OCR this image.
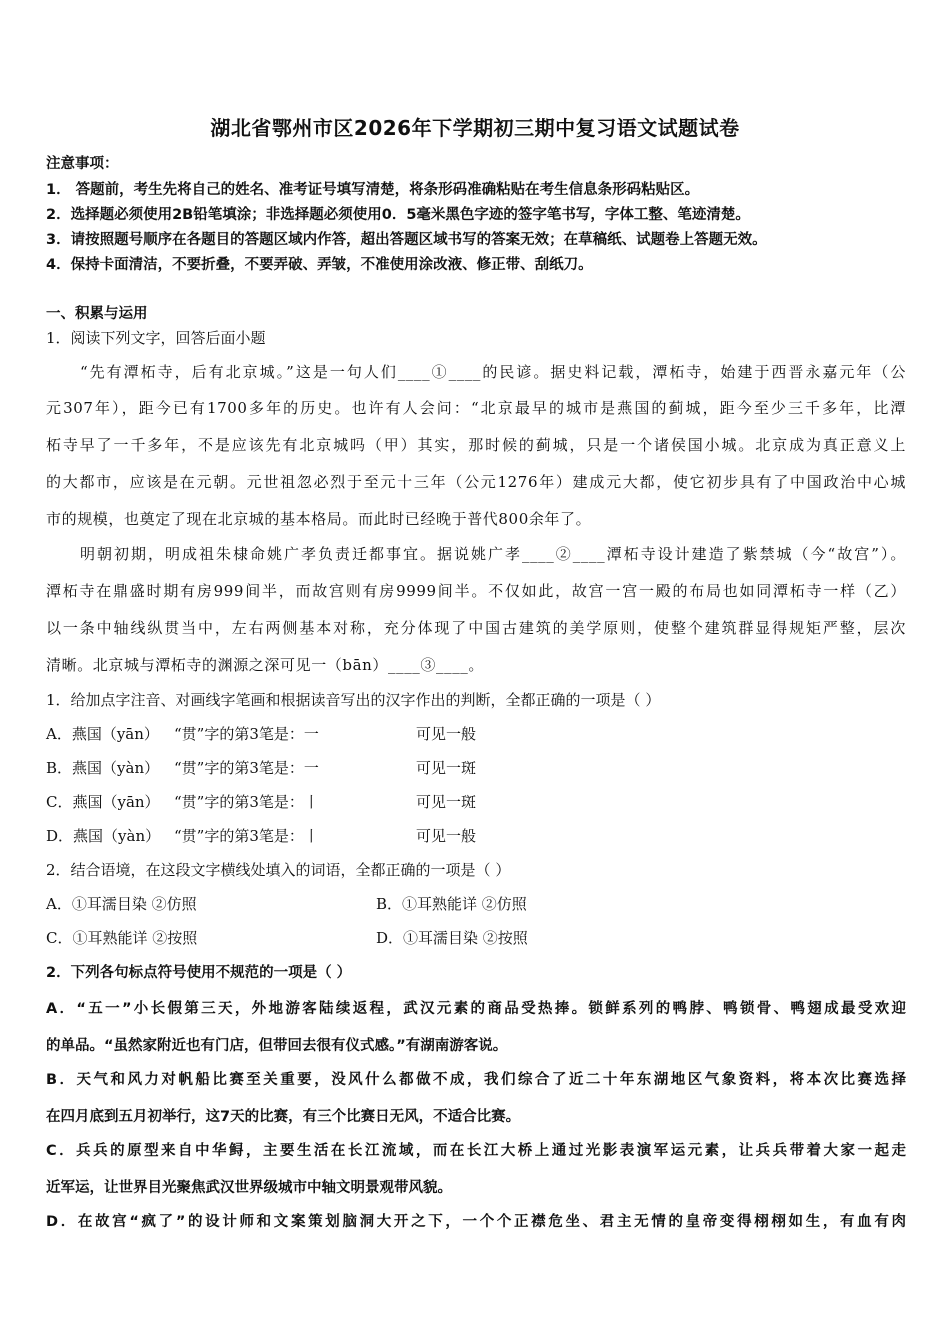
湖北省鄂州市区2026年下学期初三期中复习语文试题试卷
注意事项：
1． 答题前，考生先将自己的姓名、准考证号填写清楚，将条形码准确粘贴在考生信息条形码粘贴区。
2．选择题必须使用2B铅笔填涂；非选择题必须使用0．5毫米黑色字迹的签字笔书写，字体工整、笔迹清楚。
3．请按照题号顺序在各题目的答题区域内作答，超出答题区域书写的答案无效；在草稿纸、试题卷上答题无效。
4．保持卡面清洁，不要折叠，不要弄破、弄皱，不准使用涂改液、修正带、刮纸刀。
一、积累与运用
1．阅读下列文字，回答后面小题
“先有潭柘寺，后有北京城。”这是一句人们____①____的民谚。据史料记载，潭柘寺，始建于西晋永嘉元年（公
元307年），距今已有1700多年的历史。也许有人会问：“北京最早的城市是燕国的蓟城，距今至少三千多年，比潭
柘寺早了一千多年，不是应该先有北京城吗（甲）其实，那时候的蓟城，只是一个诸侯国小城。北京成为真正意义上
的大都市，应该是在元朝。元世祖忽必烈于至元十三年（公元1276年）建成元大都，使它初步具有了中国政治中心城
市的规模，也奠定了现在北京城的基本格局。而此时已经晚于普代800余年了。
明朝初期，明成祖朱棣命姚广孝负责迁都事宜。据说姚广孝____②____潭柘寺设计建造了紫禁城（今“故宫”）。
潭柘寺在鼎盛时期有房999间半，而故宫则有房9999间半。不仅如此，故宫一宫一殿的布局也如同潭柘寺一样（乙）
以一条中轴线纵贯当中，左右两侧基本对称，充分体现了中国古建筑的美学原则，使整个建筑群显得规矩严整，层次
清晰。北京城与潭柘寺的渊源之深可见一（bān）____③____。
1．给加点字注音、对画线字笔画和根据读音写出的汉字作出的判断，全都正确的一项是（ ）
A．燕国（yān） “贯”字的第3笔是：一	可见一般
B．燕国（yàn） “贯”字的第3笔是：一	可见一斑
C．燕国（yān） “贯”字的第3笔是：丨	可见一斑
D．燕国（yàn） “贯”字的第3笔是：丨	可见一般
2．结合语境，在这段文字横线处填入的词语，全都正确的一项是（ ）
A．①耳濡目染 ②仿照	B．①耳熟能详 ②仿照
C．①耳熟能详 ②按照	D．①耳濡目染 ②按照
2．下列各句标点符号使用不规范的一项是（ ）
A．“五一”小长假第三天，外地游客陆续返程，武汉元素的商品受热捧。锁鲜系列的鸭脖、鸭锁骨、鸭翅成最受欢迎
的单品。“虽然家附近也有门店，但带回去很有仪式感。”有湖南游客说。
B．天气和风力对帆船比赛至关重要，没风什么都做不成，我们综合了近二十年东湖地区气象资料，将本次比赛选择
在四月底到五月初举行，这7天的比赛，有三个比赛日无风，不适合比赛。
C．兵兵的原型来自中华鲟，主要生活在长江流域，而在长江大桥上通过光影表演军运元素，让兵兵带着大家一起走
近军运，让世界目光聚焦武汉世界级城市中轴文明景观带风貌。
D．在故宫“疯了”的设计师和文案策划脑洞大开之下，一个个正襟危坐、君主无情的皇帝变得栩栩如生，有血有肉
